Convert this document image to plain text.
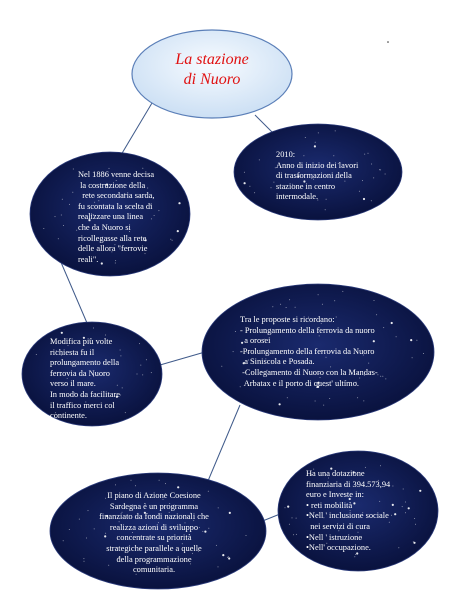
La stazione
di Nuoro

Nel 1886 venne decisa

la costruzione della

rete secondaria sarda,

fu scontata la scelta di

realizzare una linea

che da Nuoro si

ricollegasse alla rete

delle allora "ferrovie

reali".

2010:

Anno di inizio dei lavori

di trasformazioni della

stazione in centro

intermodale.

Modifica più volte

richiesta fu il

prolungamento della

ferrovia da Nuoro

verso il mare.

In modo da facilitare

il traffico merci col

continente.

Tra le proposte si ricordano:

- Prolungamento della ferrovia da nuoro

a orosei

-Prolungamento della ferrovia da Nuoro

a Siniscola e Posada.

-Collegamento di Nuoro con la Mandas-

Arbatax e il porto di quest' ultimo.

Il piano di Azione Coesione

Sardegna è un programma

finanziato da fondi nazionali che

realizza azioni di sviluppo

concentrate su priorità

strategiche parallele a quelle

della programmazione

comunitaria.

Ha una dotazione

finanziaria di 394.573,94

euro e Investe in:

• reti mobilità

•Nell ' inclusione sociale

nei servizi di cura

•Nell ' istruzione

•Nell' occupazione.
